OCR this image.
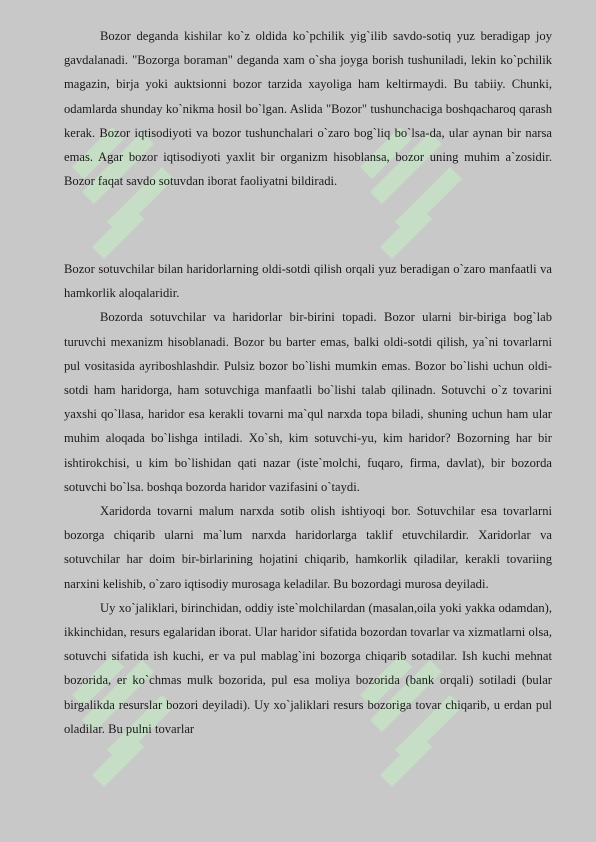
Bozor deganda kishilar ko`z oldida ko`pchilik yig`ilib savdo-sotiq yuz beradigap joy gavdalanadi. "Bozorga boraman" deganda xam o`sha joyga borish tushuniladi, lekin ko`pchilik magazin, birja yoki auktsionni bozor tarzida xayoliga ham keltirmaydi. Bu tabiiy. Chunki, odamlarda shunday ko`nikma hosil bo`lgan. Aslida "Bozor" tushunchaciga boshqacharoq qarash kerak. Bozor iqtisodiyoti va bozor tushunchalari o`zaro bog`liq bo`lsa-da, ular aynan bir narsa emas. Agar bozor iqtisodiyoti yaxlit bir organizm hisoblansa, bozor uning muhim a`zosidir. Bozor faqat savdo sotuvdan iborat faoliyatni bildiradi.

Bozor sotuvchilar bilan haridorlarning oldi-sotdi qilish orqali yuz beradigan o`zaro manfaatli va hamkorlik aloqalaridir.

Bozorda sotuvchilar va haridorlar bir-birini topadi. Bozor ularni bir-biriga bog`lab turuvchi mexanizm hisoblanadi. Bozor bu barter emas, balki oldi-sotdi qilish, ya`ni tovarlarni pul vositasida ayriboshlashdir. Pulsiz bozor bo`lishi mumkin emas. Bozor bo`lishi uchun oldi-sotdi ham haridorga, ham sotuvchiga manfaatli bo`lishi talab qilinadn. Sotuvchi o`z tovarini yaxshi qo`llasa, haridor esa kerakli tovarni ma`qul narxda topa biladi, shuning uchun ham ular muhim aloqada bo`lishga intiladi. Xo`sh, kim sotuvchi-yu, kim haridor? Bozorning har bir ishtirokchisi, u kim bo`lishidan qati nazar (iste`molchi, fuqaro, firma, davlat), bir bozorda sotuvchi bo`lsa. boshqa bozorda haridor vazifasini o`taydi.

Xaridorda tovarni malum narxda sotib olish ishtiyoqi bor. Sotuvchilar esa tovarlarni bozorga chiqarib ularni ma`lum narxda haridorlarga taklif etuvchilardir. Xaridorlar va sotuvchilar har doim bir-birlarining hojatini chiqarib, hamkorlik qiladilar, kerakli tovariing narxini kelishib, o`zaro iqtisodiy murosaga keladilar. Bu bozordagi murosa deyiladi.

Uy xo`jaliklari, birinchidan, oddiy iste`molchilardan (masalan,oila yoki yakka odamdan), ikkinchidan, resurs egalaridan iborat. Ular haridor sifatida bozordan tovarlar va xizmatlarni olsa, sotuvchi sifatida ish kuchi, er va pul mablag`ini bozorga chiqarib sotadilar. Ish kuchi mehnat bozorida, er ko`chmas mulk bozorida, pul esa moliya bozorida (bank orqali) sotiladi (bular birgalikda resurslar bozori deyiladi). Uy xo`jaliklari resurs bozoriga tovar chiqarib, u erdan pul oladilar. Bu pulni tovarlar
